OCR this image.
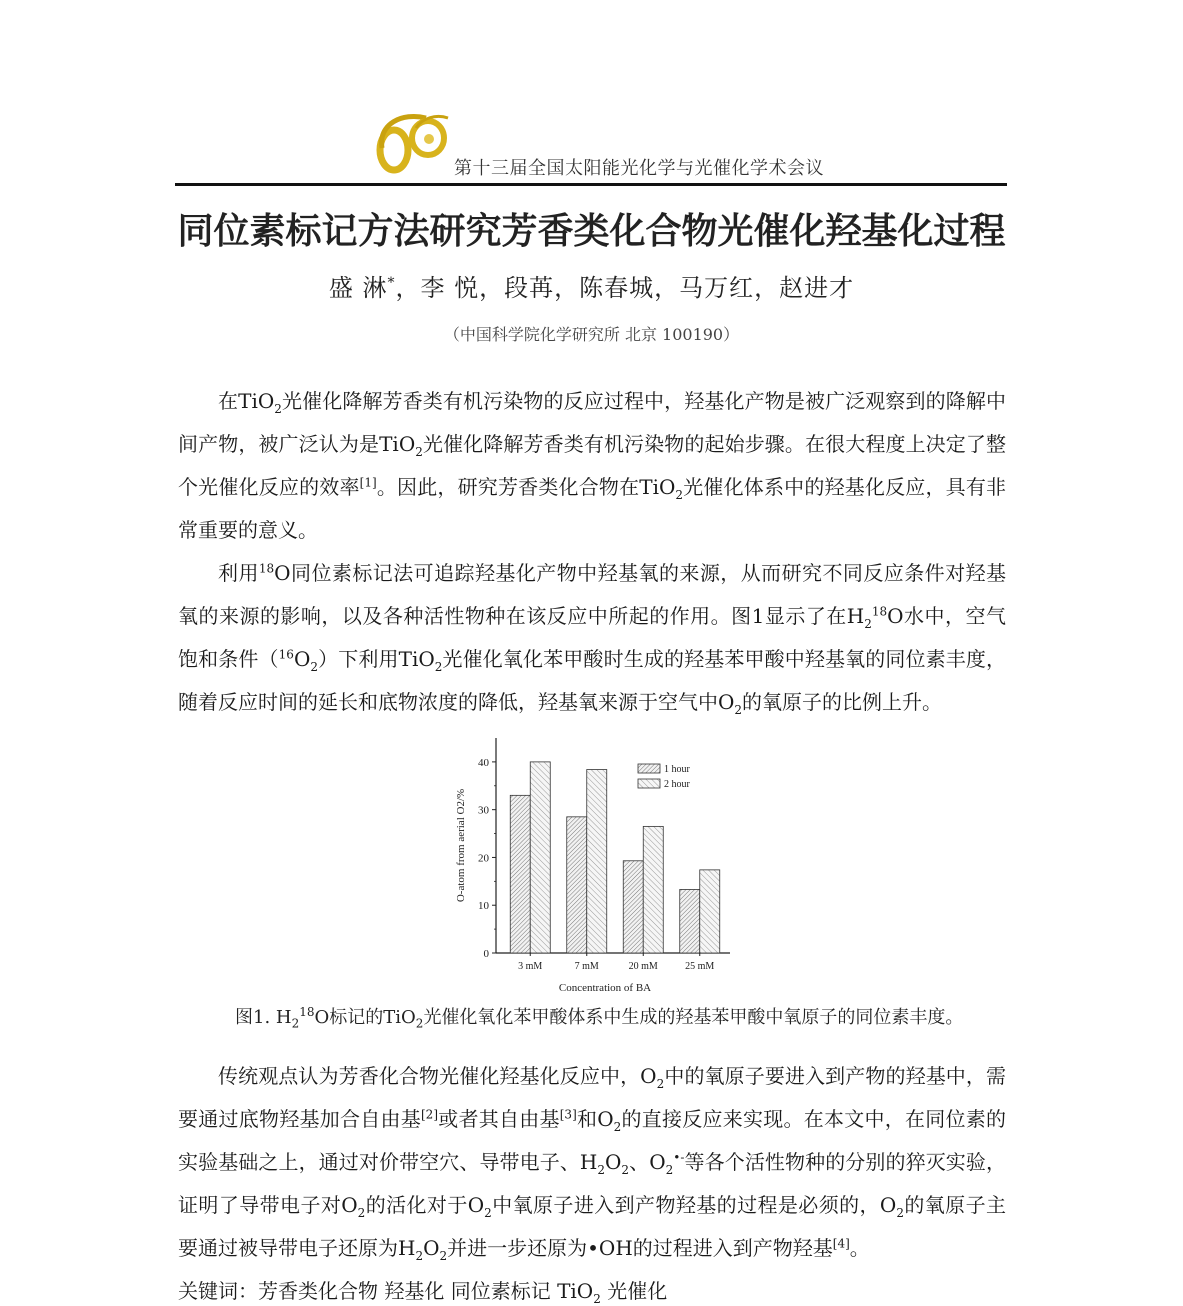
第十三届全国太阳能光化学与光催化学术会议
同位素标记方法研究芳香类化合物光催化羟基化过程
盛 淋*，李 悦，段苒，陈春城，马万红，赵进才
（中国科学院化学研究所 北京 100190）

在TiO$_2$光催化降解芳香类有机污染物的反应过程中，羟基化产物是被广泛观察到的降解中间产物，被广泛认为是TiO$_2$光催化降解芳香类有机污染物的起始步骤。在很大程度上决定了整个光催化反应的效率[1]。因此，研究芳香类化合物在TiO$_2$光催化体系中的羟基化反应，具有非常重要的意义。

利用$^{18}$O同位素标记法可追踪羟基化产物中羟基氧的来源，从而研究不同反应条件对羟基氧的来源的影响，以及各种活性物种在该反应中所起的作用。图1显示了在$H_2^{18}O$水中，空气饱和条件$(^{16}O_2)$下利用TiO$_2$光催化氧化苯甲酸时生成的羟基苯甲酸中羟基氧的同位素丰度，随着反应时间的延长和底物浓度的降低，羟基氧来源于空气中$O_2$的氧原子的比例上升。

0
10
20
30
40
O-atom from aerial O2/%
3 mM	7 mM	20 mM	25 mM
Concentration of BA
1 hour
2 hour
图1. $H_2^{18}O$标记的TiO$_2$光催化氧化苯甲酸体系中生成的羟基苯甲酸中氧原子的同位素丰度。

传统观点认为芳香化合物光催化羟基化反应中，$O_2$中的氧原子要进入到产物的羟基中，需要通过底物羟基加合自由基[2]或者其自由基[3]和$O_2$的直接反应来实现。在本文中，在同位素的实验基础之上，通过对价带空穴、导带电子、$H_2O_2$、$O_2^{•-}$等各个活性物种的分别的猝灭实验，证明了导带电子对$O_2$的活化对于$O_2$中氧原子进入到产物羟基的过程是必须的，$O_2$的氧原子主要通过被导带电子还原为$H_2O_2$并进一步还原为•OH的过程进入到产物羟基[4]。

关键词：芳香类化合物 羟基化 同位素标记 TiO$_2$ 光催化
